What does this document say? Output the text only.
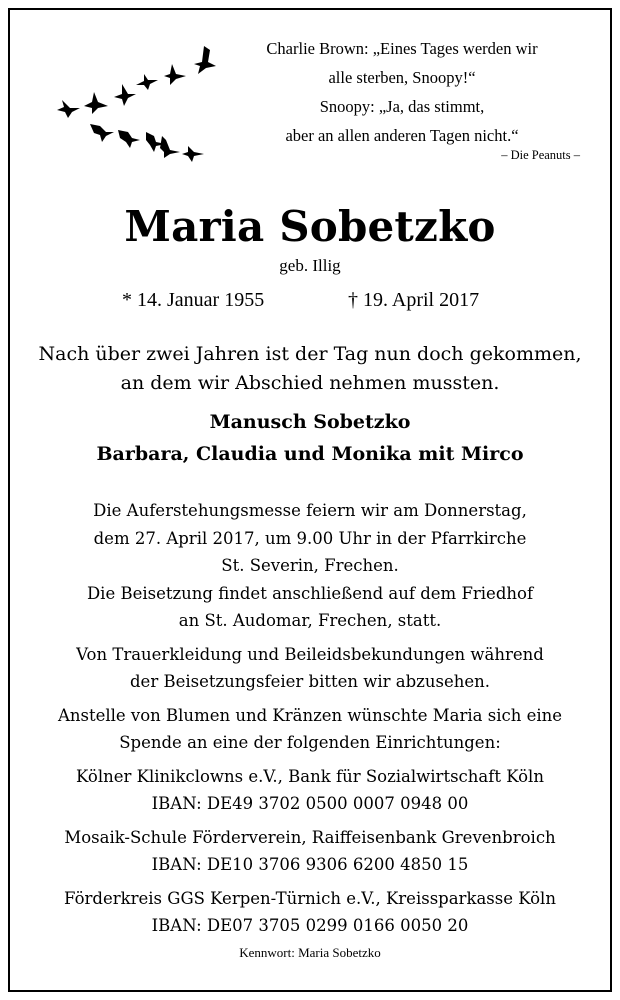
Charlie Brown: „Eines Tages werden wir
alle sterben, Snoopy!“
Snoopy: „Ja, das stimmt,
aber an allen anderen Tagen nicht.“
– Die Peanuts –
Maria Sobetzko
geb. Illig
* 14. Januar 1955	† 19. April 2017
Nach über zwei Jahren ist der Tag nun doch gekommen,
an dem wir Abschied nehmen mussten.
Manusch Sobetzko
Barbara, Claudia und Monika mit Mirco
Die Auferstehungsmesse feiern wir am Donnerstag,
dem 27. April 2017, um 9.00 Uhr in der Pfarrkirche
St. Severin, Frechen.
Die Beisetzung findet anschließend auf dem Friedhof
an St. Audomar, Frechen, statt.
Von Trauerkleidung und Beileidsbekundungen während
der Beisetzungsfeier bitten wir abzusehen.
Anstelle von Blumen und Kränzen wünschte Maria sich eine
Spende an eine der folgenden Einrichtungen:
Kölner Klinikclowns e.V., Bank für Sozialwirtschaft Köln
IBAN: DE49 3702 0500 0007 0948 00
Mosaik-Schule Förderverein, Raiffeisenbank Grevenbroich
IBAN: DE10 3706 9306 6200 4850 15
Förderkreis GGS Kerpen-Türnich e.V., Kreissparkasse Köln
IBAN: DE07 3705 0299 0166 0050 20
Kennwort: Maria Sobetzko
